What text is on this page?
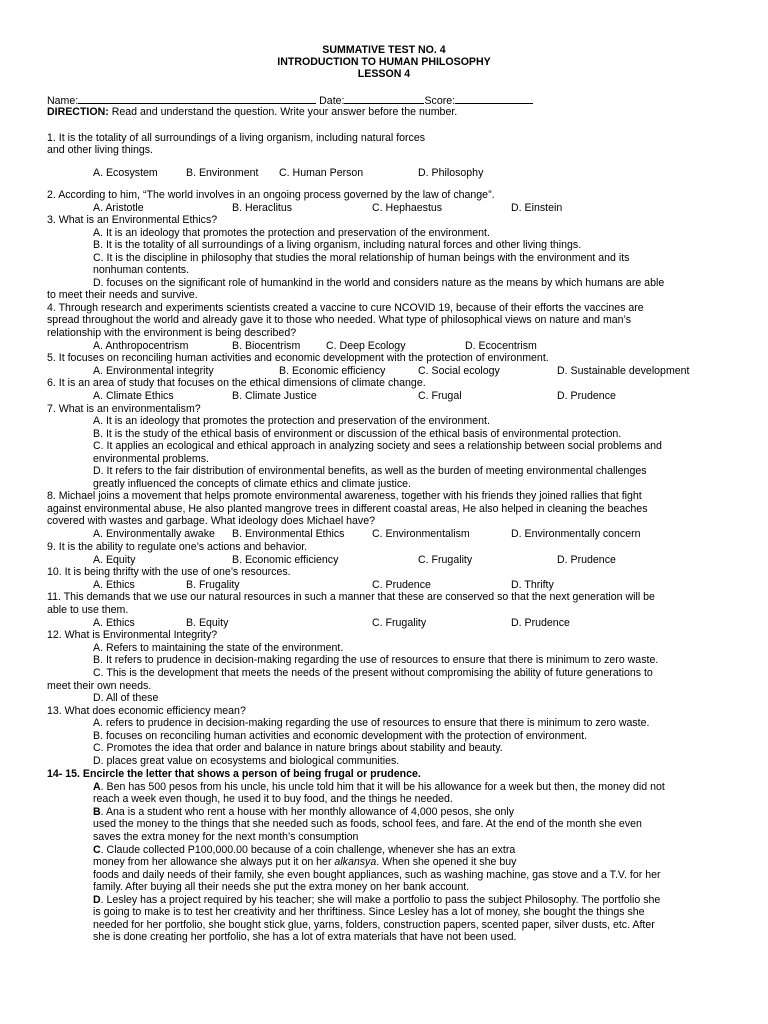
SUMMATIVE TEST NO. 4
INTRODUCTION TO HUMAN PHILOSOPHY
LESSON 4
Name:	Date:	Score:
DIRECTION: Read and understand the question. Write your answer before the number.
1. It is the totality of all surroundings of a living organism, including natural forces
and other living things.
A. Ecosystem	B. Environment C. Human Person	D. Philosophy
2. According to him, “The world involves in an ongoing process governed by the law of change”.
A. Aristotle	B. Heraclitus	C. Hephaestus	D. Einstein
3. What is an Environmental Ethics?
A. It is an ideology that promotes the protection and preservation of the environment.
B. It is the totality of all surroundings of a living organism, including natural forces and other living things.
C. It is the discipline in philosophy that studies the moral relationship of human beings with the environment and its
nonhuman contents.
D. focuses on the significant role of humankind in the world and considers nature as the means by which humans are able
to meet their needs and survive.
4. Through research and experiments scientists created a vaccine to cure NCOVID 19, because of their efforts the vaccines are
spread throughout the world and already gave it to those who needed. What type of philosophical views on nature and man’s
relationship with the environment is being described?
A. Anthropocentrism	B. Biocentrism C. Deep Ecology	D. Ecocentrism
5. It focuses on reconciling human activities and economic development with the protection of environment.
A. Environmental integrity	B. Economic efficiency	C. Social ecology	D. Sustainable development
6. It is an area of study that focuses on the ethical dimensions of climate change.
A. Climate Ethics	B. Climate Justice	C. Frugal	D. Prudence
7. What is an environmentalism?
A. It is an ideology that promotes the protection and preservation of the environment.
B. It is the study of the ethical basis of environment or discussion of the ethical basis of environmental protection.
C. It applies an ecological and ethical approach in analyzing society and sees a relationship between social problems and
environmental problems.
D. It refers to the fair distribution of environmental benefits, as well as the burden of meeting environmental challenges
greatly influenced the concepts of climate ethics and climate justice.
8. Michael joins a movement that helps promote environmental awareness, together with his friends they joined rallies that fight
against environmental abuse, He also planted mangrove trees in different coastal areas, He also helped in cleaning the beaches
covered with wastes and garbage. What ideology does Michael have?
A. Environmentally awake B. Environmental Ethics	C. Environmentalism	D. Environmentally concern
9. It is the ability to regulate one’s actions and behavior.
A. Equity	B. Economic efficiency	C. Frugality	D. Prudence
10. It is being thrifty with the use of one’s resources.
A. Ethics	B. Frugality	C. Prudence	D. Thrifty
11. This demands that we use our natural resources in such a manner that these are conserved so that the next generation will be
able to use them.
A. Ethics	B. Equity	C. Frugality	D. Prudence
12. What is Environmental Integrity?
A. Refers to maintaining the state of the environment.
B. It refers to prudence in decision-making regarding the use of resources to ensure that there is minimum to zero waste.
C. This is the development that meets the needs of the present without compromising the ability of future generations to
meet their own needs.
D. All of these
13. What does economic efficiency mean?
A. refers to prudence in decision-making regarding the use of resources to ensure that there is minimum to zero waste.
B. focuses on reconciling human activities and economic development with the protection of environment.
C. Promotes the idea that order and balance in nature brings about stability and beauty.
D. places great value on ecosystems and biological communities.
14- 15. Encircle the letter that shows a person of being frugal or prudence.
A. Ben has 500 pesos from his uncle, his uncle told him that it will be his allowance for a week but then, the money did not
reach a week even though, he used it to buy food, and the things he needed.
B. Ana is a student who rent a house with her monthly allowance of 4,000 pesos, she only
used the money to the things that she needed such as foods, school fees, and fare. At the end of the month she even
saves the extra money for the next month’s consumption
C. Claude collected P100,000.00 because of a coin challenge, whenever she has an extra
money from her allowance she always put it on her alkansya. When she opened it she buy
foods and daily needs of their family, she even bought appliances, such as washing machine, gas stove and a T.V. for her
family. After buying all their needs she put the extra money on her bank account.
D. Lesley has a project required by his teacher; she will make a portfolio to pass the subject Philosophy. The portfolio she
is going to make is to test her creativity and her thriftiness. Since Lesley has a lot of money, she bought the things she
needed for her portfolio, she bought stick glue, yarns, folders, construction papers, scented paper, silver dusts, etc. After
she is done creating her portfolio, she has a lot of extra materials that have not been used.
